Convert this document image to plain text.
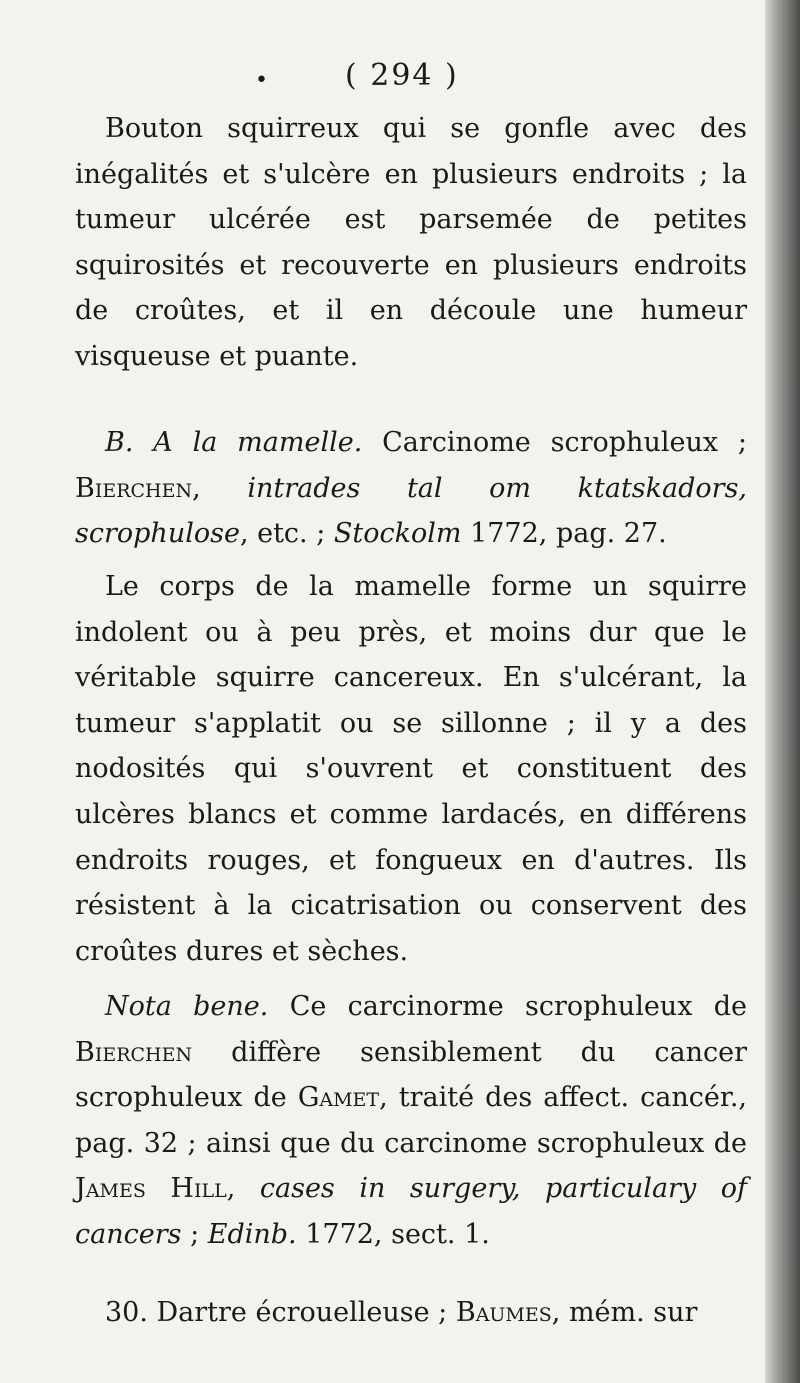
•	( 294 )

Bouton squirreux qui se gonfle avec des inégalités et s'ulcère en plusieurs endroits ; la tumeur ulcérée est parsemée de petites squirosités et recouverte en plusieurs endroits de croûtes, et il en découle une humeur visqueuse et puante.

B. A la mamelle. Carcinome scrophuleux ; Bierchen, intrades tal om ktatskadors, scrophulose, etc. ; Stockolm 1772, pag. 27.

Le corps de la mamelle forme un squirre indolent ou à peu près, et moins dur que le véritable squirre cancereux. En s'ulcérant, la tumeur s'applatit ou se sillonne ; il y a des nodosités qui s'ouvrent et constituent des ulcères blancs et comme lardacés, en différens endroits rouges, et fongueux en d'autres. Ils résistent à la cicatrisation ou conservent des croûtes dures et sèches.

Nota bene. Ce carcinorme scrophuleux de Bierchen diffère sensiblement du cancer scrophuleux de Gamet, traité des affect. cancér., pag. 32 ; ainsi que du carcinome scrophuleux de James Hill, cases in surgery, particulary of cancers ; Edinb. 1772, sect. 1.

30. Dartre écrouelleuse ; Baumes, mém. sur
